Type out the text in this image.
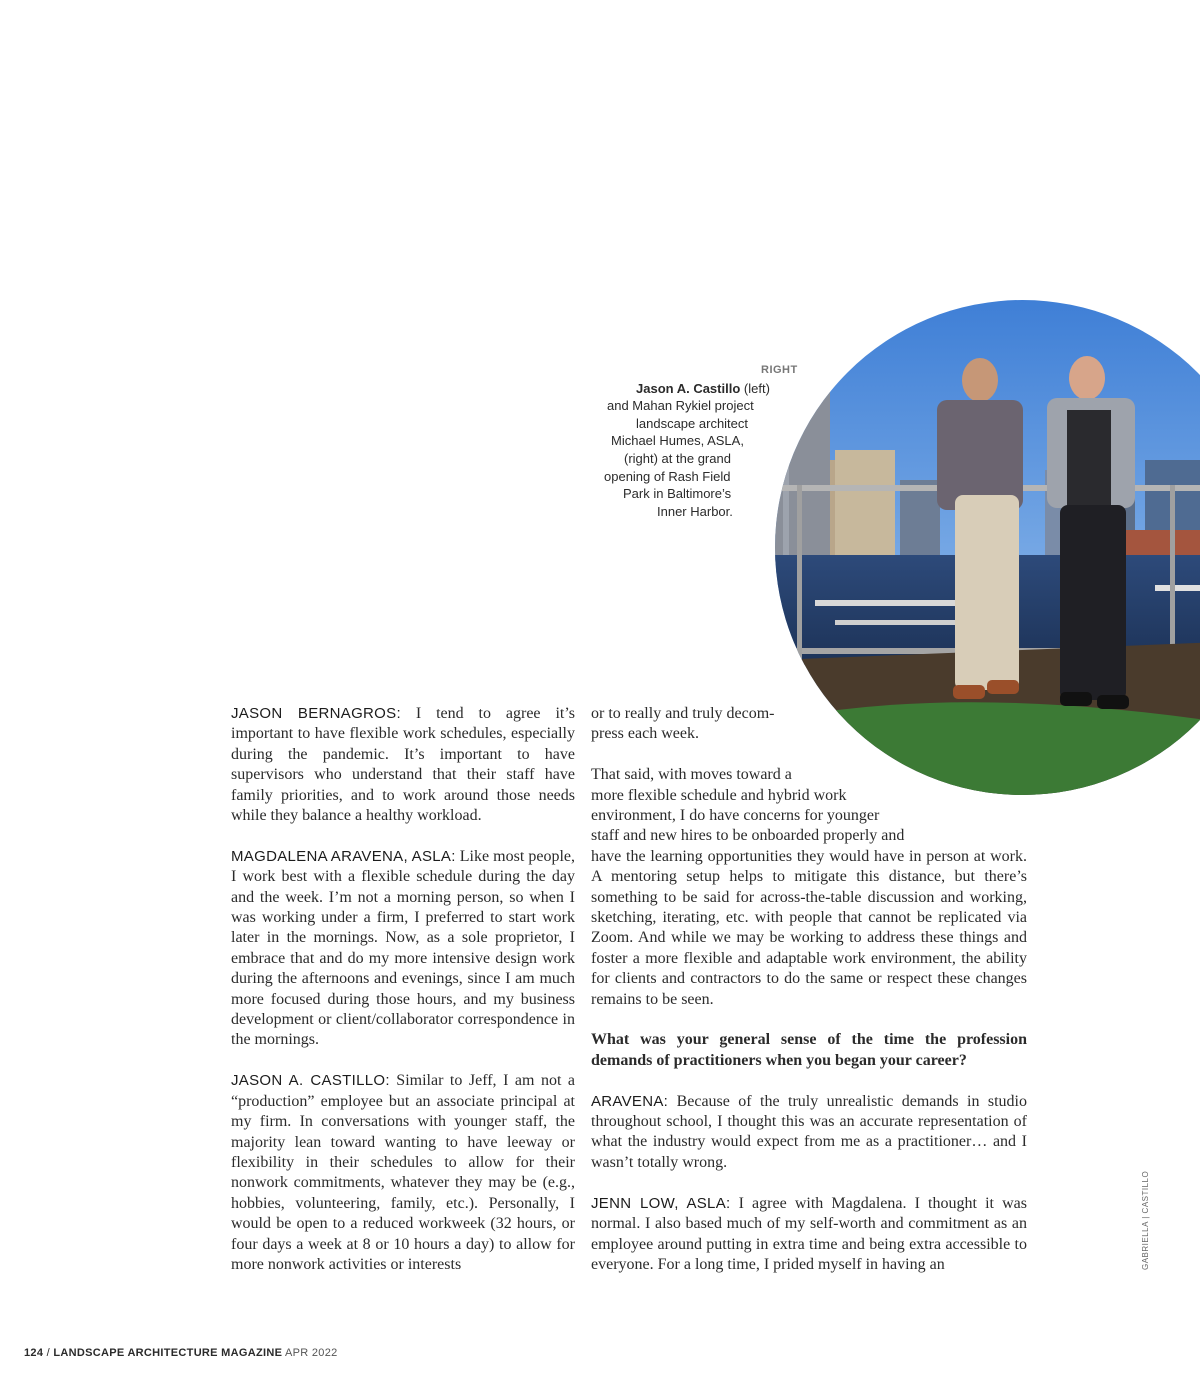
RIGHT
Jason A. Castillo (left)
and Mahan Rykiel project
landscape architect
Michael Humes, ASLA,
(right) at the grand
opening of Rash Field
Park in Baltimore’s
Inner Harbor.

JASON BERNAGROS: I tend to agree it’s important to have flexible work schedules, especially during the pandemic. It’s important to have supervisors who understand that their staff have family priorities, and to work around those needs while they balance a healthy workload.

MAGDALENA ARAVENA, ASLA: Like most people, I work best with a flexible schedule during the day and the week. I’m not a morning person, so when I was working under a firm, I preferred to start work later in the mornings. Now, as a sole proprietor, I embrace that and do my more intensive design work during the afternoons and evenings, since I am much more focused during those hours, and my business development or client/collaborator correspondence in the mornings.

JASON A. CASTILLO: Similar to Jeff, I am not a “production” employee but an associate principal at my firm. In conversations with younger staff, the majority lean toward wanting to have leeway or flexibility in their schedules to allow for their nonwork commitments, whatever they may be (e.g., hobbies, volunteering, family, etc.). Personally, I would be open to a reduced workweek (32 hours, or four days a week at 8 or 10 hours a day) to allow for more nonwork activities or interests

or to really and truly decom-
press each week.

That said, with moves toward a
more flexible schedule and hybrid work
environment, I do have concerns for younger
staff and new hires to be onboarded properly and
have the learning opportunities they would have in person at work. A mentoring setup helps to mitigate this distance, but there’s something to be said for across-the-table discussion and working, sketching, iterating, etc. with people that cannot be replicated via Zoom. And while we may be working to address these things and foster a more flexible and adaptable work environment, the ability for clients and contractors to do the same or respect these changes remains to be seen.

What was your general sense of the time the profession demands of practitioners when you began your career?

ARAVENA: Because of the truly unrealistic demands in studio throughout school, I thought this was an accurate representation of what the industry would expect from me as a practitioner… and I wasn’t totally wrong.

JENN LOW, ASLA: I agree with Magdalena. I thought it was normal. I also based much of my self-worth and commitment as an employee around putting in extra time and being extra accessible to everyone. For a long time, I prided myself in having an	GABRIELLA | CASTILLO
124 / LANDSCAPE ARCHITECTURE MAGAZINE APR 2022
